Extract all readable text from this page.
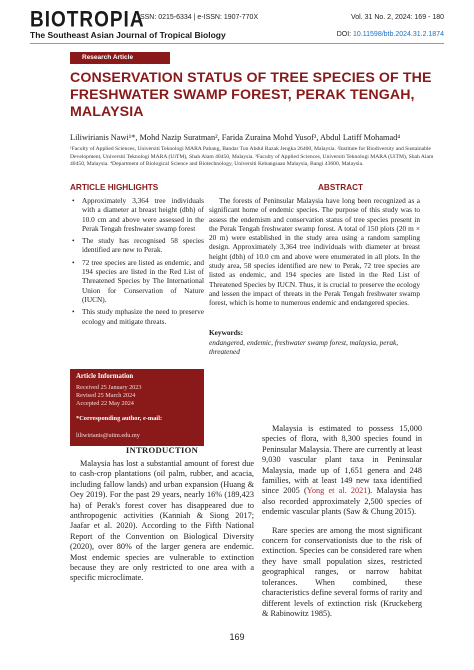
BIOTROPIA
ISSN: 0215-6334 | e-ISSN: 1907-770X
The Southeast Asian Journal of Tropical Biology
Vol. 31 No. 2, 2024: 169 - 180
DOI: 10.11598/btb.2024.31.2.1874
Research Article
CONSERVATION STATUS OF TREE SPECIES OF THE FRESHWATER SWAMP FOREST, PERAK TENGAH, MALAYSIA
Liliwirianis Nawi¹*, Mohd Nazip Suratman², Farida Zuraina Mohd Yusof³, Abdul Latiff Mohamad⁴
¹Faculty of Applied Sciences, Universiti Teknologi MARA Pahang, Bandar Tun Abdul Razak Jengka 26400, Malaysia. ²Institute for Biodiversity and Sustainable Development, Universiti Teknologi MARA (UiTM), Shah Alam 40450, Malaysia. ³Faculty of Applied Sciences, Universiti Teknologi MARA (UiTM), Shah Alam 40450, Malaysia. ⁴Department of Biological Science and Biotechnology, Universiti Kebangsaan Malaysia, Bangi 43600, Malaysia.
ARTICLE HIGHLIGHTS
• Approximately 3,364 tree individuals with a diameter at breast height (dbh) of 10.0 cm and above were assessed in the Perak Tengah freshwater swamp forest
• The study has recognised 58 species identified are new to Perak.
• 72 tree species are listed as endemic, and 194 species are listed in the Red List of Threatened Species by The International Union for Conservation of Nature (IUCN).
• This study mphasize the need to preserve ecology and mitigate threats.
ABSTRACT
The forests of Peninsular Malaysia have long been recognized as a significant home of endemic species. The purpose of this study was to assess the endemism and conservation status of tree species present in the Perak Tengah freshwater swamp forest. A total of 150 plots (20 m × 20 m) were established in the study area using a random sampling design. Approximately 3,364 tree individuals with diameter at breast height (dbh) of 10.0 cm and above were enumerated in all plots. In the study area, 58 species identified are new to Perak, 72 tree species are listed as endemic, and 194 species are listed in the Red List of Threatened Species by IUCN. Thus, it is crucial to preserve the ecology and lessen the impact of threats in the Perak Tengah freshwater swamp forest, which is home to numerous endemic and endangered species.
Keywords:
endangered, endemic, freshwater swamp forest, malaysia, perak, threatened
Article Information
Received 25 January 2023
Revised 25 March 2024
Accepted 22 May 2024
*Corresponding author, e-mail:
liliwirianis@uitm.edu.my
INTRODUCTION

Malaysia has lost a substantial amount of forest due to cash-crop plantations (oil palm, rubber, and acacia, including fallow lands) and urban expansion (Huang & Oey 2019). For the past 29 years, nearly 16% (189,423 ha) of Perak's forest cover has disappeared due to anthropogenic activities (Kanniah & Siong 2017; Jaafar et al. 2020). According to the Fifth National Report of the Convention on Biological Diversity (2020), over 80% of the larger genera are endemic. Most endemic species are vulnerable to extinction because they are only restricted to one area with a specific microclimate.

Malaysia is estimated to possess 15,000 species of flora, with 8,300 species found in Peninsular Malaysia. There are currently at least 9,030 vascular plant taxa in Peninsular Malaysia, made up of 1,651 genera and 248 families, with at least 149 new taxa identified since 2005 (Yong et al. 2021). Malaysia has also recorded approximately 2,500 species of endemic vascular plants (Saw & Chung 2015).

Rare species are among the most significant concern for conservationists due to the risk of extinction. Species can be considered rare when they have small population sizes, restricted geographical ranges, or narrow habitat tolerances. When combined, these characteristics define several forms of rarity and different levels of extinction risk (Kruckeberg & Rabinowitz 1985).

169
